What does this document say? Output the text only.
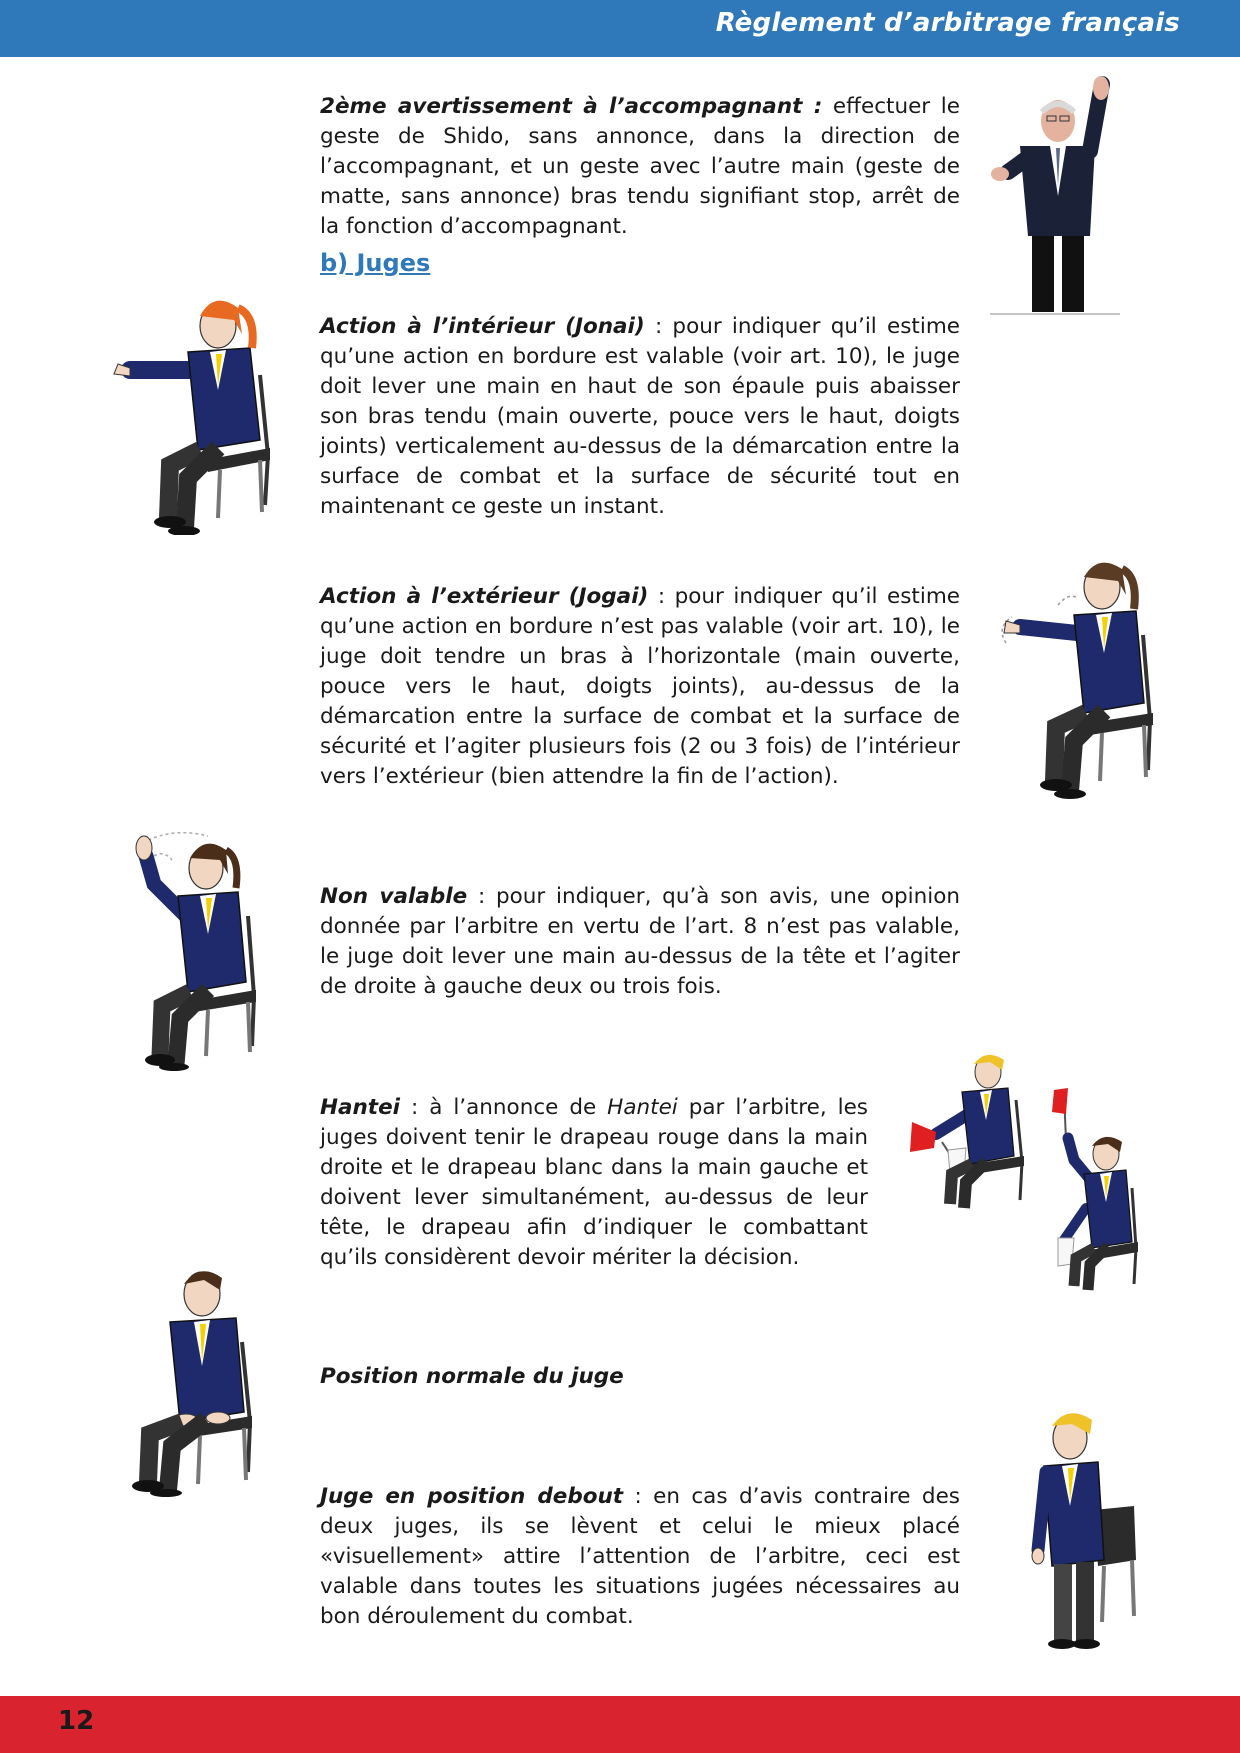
Règlement d’arbitrage français
2ème avertissement à l’accompagnant : effectuer le geste de Shido, sans annonce, dans la direction de l’accompagnant, et un geste avec l’autre main (geste de matte, sans annonce) bras tendu signifiant stop, arrêt de la fonction d’accompagnant.
b) Juges
Action à l’intérieur (Jonai) : pour indiquer qu’il estime qu’une action en bordure est valable (voir art. 10), le juge doit lever une main en haut de son épaule puis abaisser son bras tendu (main ouverte, pouce vers le haut, doigts joints) verticalement au-dessus de la démarcation entre la surface de combat et la surface de sécurité tout en maintenant ce geste un instant.
Action à l’extérieur (Jogai) : pour indiquer qu’il estime qu’une action en bordure n’est pas valable (voir art. 10), le juge doit tendre un bras à l’horizontale (main ouverte, pouce vers le haut, doigts joints), au-dessus de la démarcation entre la surface de combat et la surface de sécurité et l’agiter plusieurs fois (2 ou 3 fois) de l’intérieur vers l’extérieur (bien attendre la fin de l’action).
Non valable : pour indiquer, qu’à son avis, une opinion donnée par l’arbitre en vertu de l’art. 8 n’est pas valable, le juge doit lever une main au-dessus de la tête et l’agiter de droite à gauche deux ou trois fois.
Hantei : à l’annonce de Hantei par l’arbitre, les juges doivent tenir le drapeau rouge dans la main droite et le drapeau blanc dans la main gauche et doivent lever simultanément, au-dessus de leur tête, le drapeau afin d’indiquer le combattant qu’ils considèrent devoir mériter la décision.
Position normale du juge
Juge en position debout : en cas d’avis contraire des deux juges, ils se lèvent et celui le mieux placé «visuellement» attire l’attention de l’arbitre, ceci est valable dans toutes les situations jugées nécessaires au bon déroulement du combat.
12
